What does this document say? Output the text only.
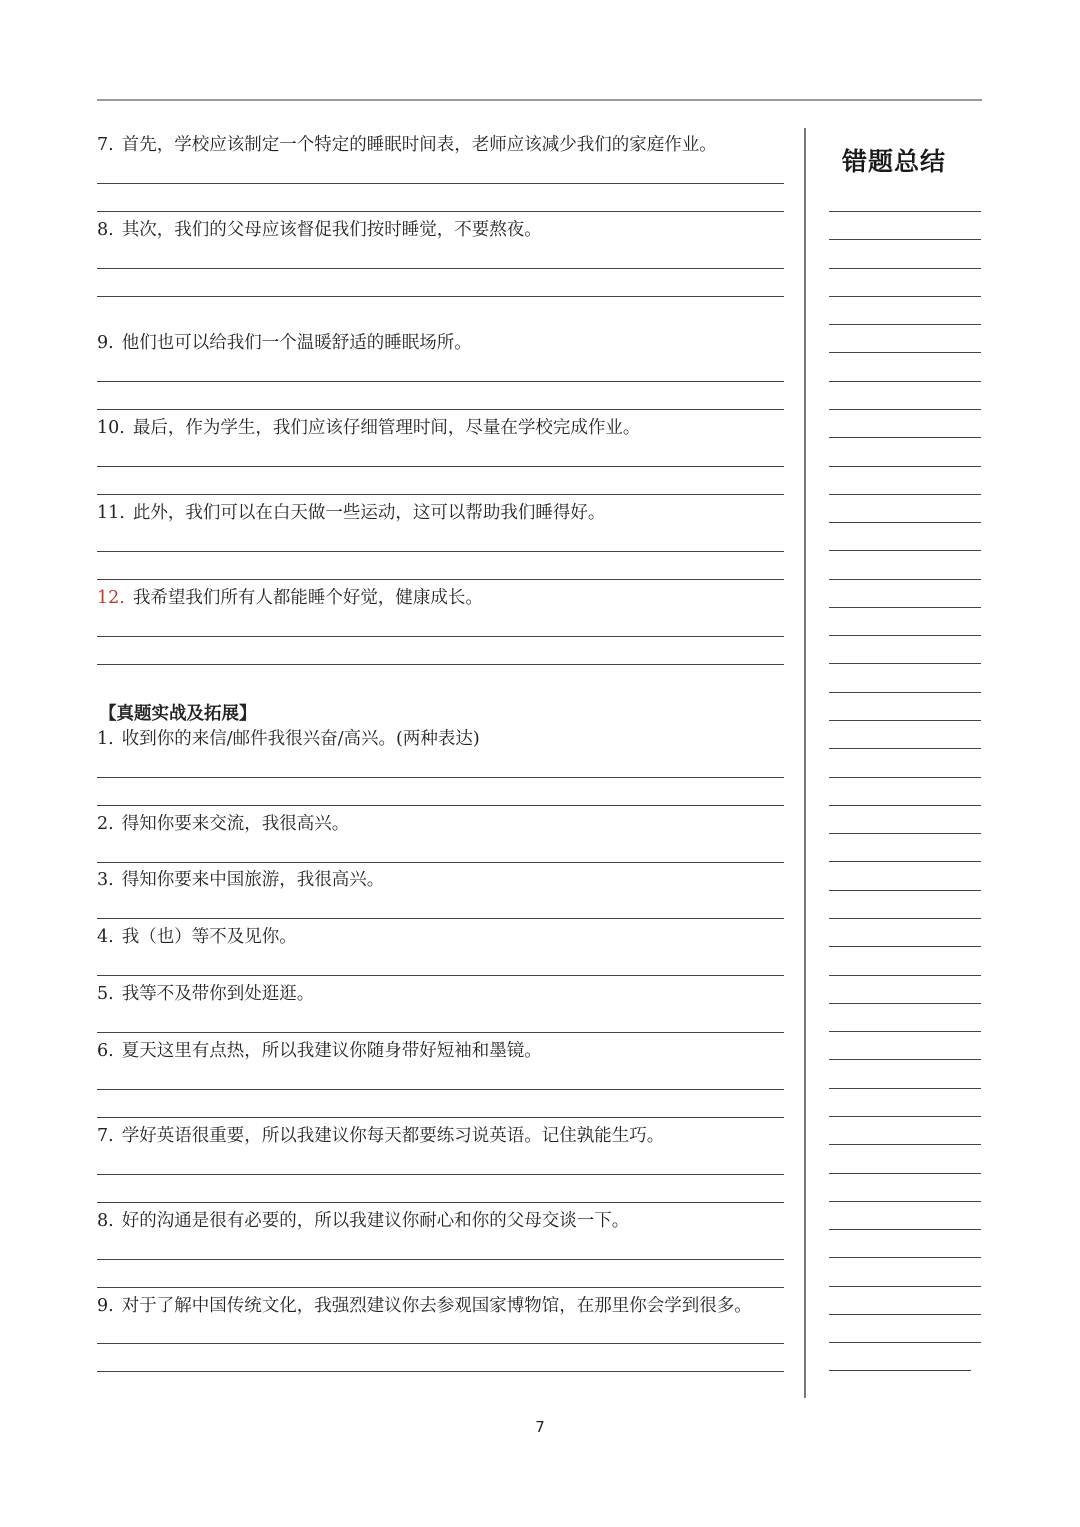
错题总结
7. 首先，学校应该制定一个特定的睡眠时间表，老师应该减少我们的家庭作业。
8. 其次，我们的父母应该督促我们按时睡觉，不要熬夜。
9. 他们也可以给我们一个温暖舒适的睡眠场所。
10. 最后，作为学生，我们应该仔细管理时间，尽量在学校完成作业。
11. 此外，我们可以在白天做一些运动，这可以帮助我们睡得好。
12. 我希望我们所有人都能睡个好觉，健康成长。
【真题实战及拓展】
1. 收到你的来信/邮件我很兴奋/高兴。(两种表达)
2. 得知你要来交流，我很高兴。
3. 得知你要来中国旅游，我很高兴。
4. 我（也）等不及见你。
5. 我等不及带你到处逛逛。
6. 夏天这里有点热，所以我建议你随身带好短袖和墨镜。
7. 学好英语很重要，所以我建议你每天都要练习说英语。记住孰能生巧。
8. 好的沟通是很有必要的，所以我建议你耐心和你的父母交谈一下。
9. 对于了解中国传统文化，我强烈建议你去参观国家博物馆，在那里你会学到很多。
7
